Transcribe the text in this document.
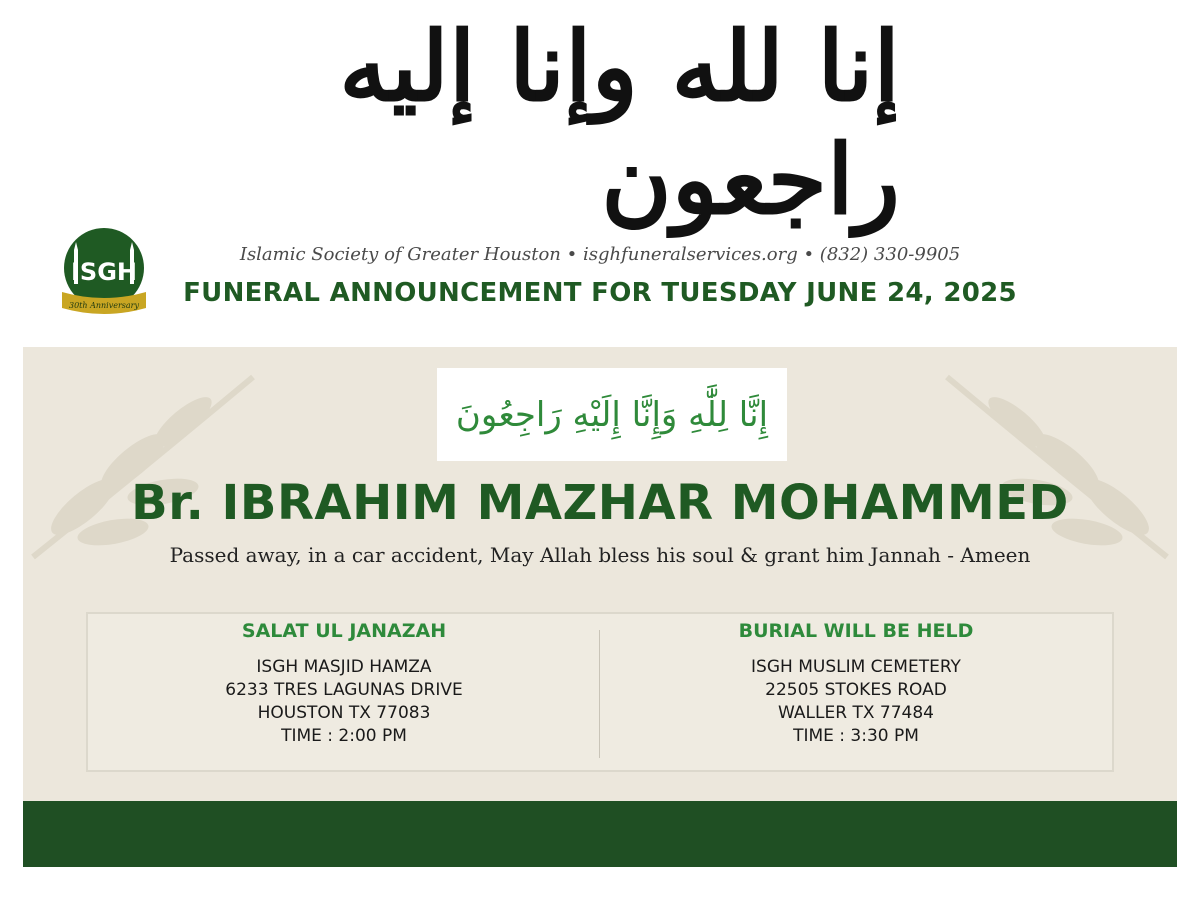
إنا لله وإنا إليه راجعون
ISGH
30th Anniversary
Islamic Society of Greater Houston • isghfuneralservices.org • (832) 330-9905
FUNERAL ANNOUNCEMENT FOR TUESDAY JUNE 24, 2025
إِنَّا لِلَّٰهِ وَإِنَّا إِلَيْهِ رَاجِعُونَ
Br. IBRAHIM MAZHAR MOHAMMED
Passed away, in a car accident, May Allah bless his soul & grant him Jannah - Ameen
SALAT UL JANAZAH
ISGH MASJID HAMZA
6233 TRES LAGUNAS DRIVE
HOUSTON TX 77083
TIME : 2:00 PM
BURIAL WILL BE HELD
ISGH MUSLIM CEMETERY
22505 STOKES ROAD
WALLER TX 77484
TIME : 3:30 PM
